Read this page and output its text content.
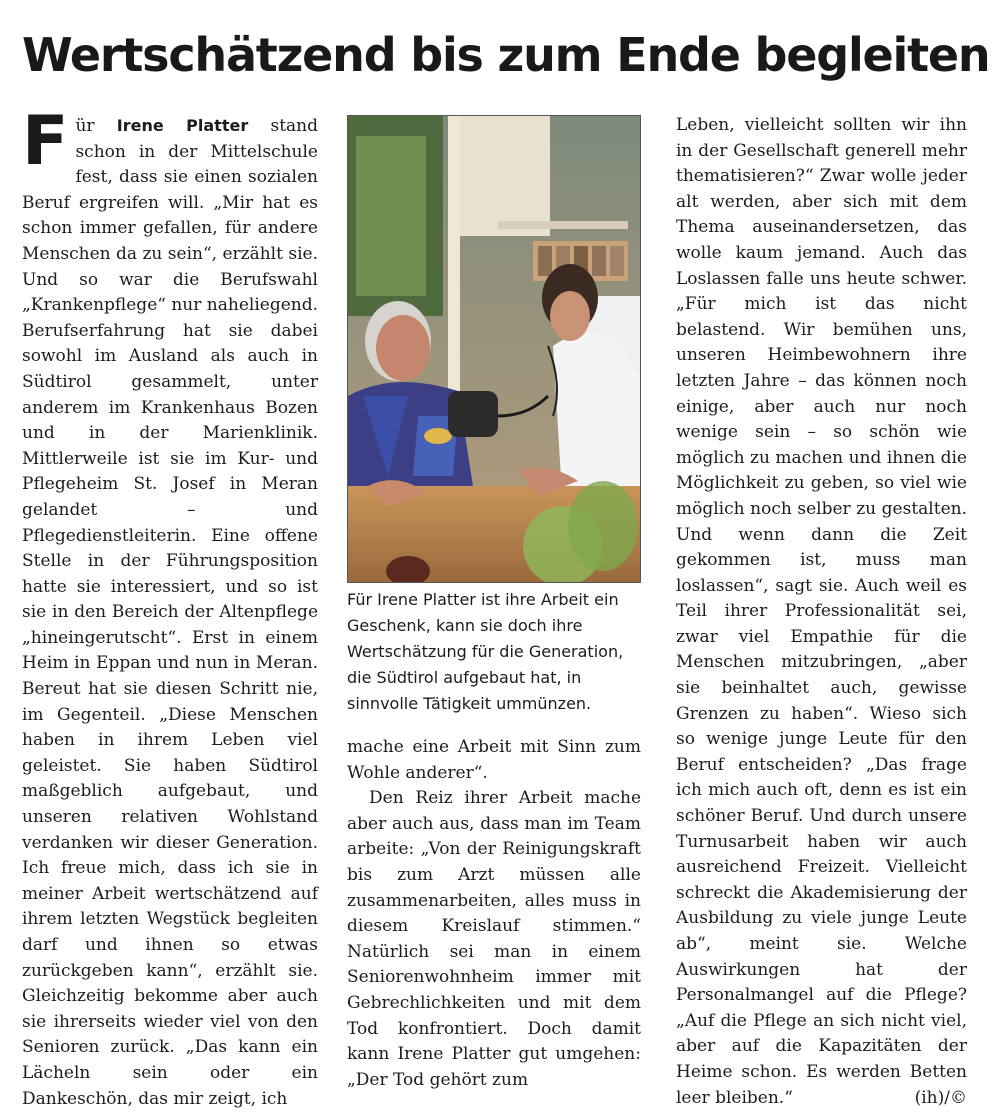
Wertschätzend bis zum Ende begleiten

Für Irene Platter stand schon in der Mittelschule fest, dass sie einen sozialen Beruf ergreifen will. „Mir hat es schon immer gefallen, für andere Menschen da zu sein“, erzählt sie. Und so war die Berufswahl „Krankenpflege“ nur naheliegend. Berufserfahrung hat sie dabei sowohl im Ausland als auch in Südtirol gesammelt, unter anderem im Krankenhaus Bozen und in der Marienklinik. Mittlerweile ist sie im Kur- und Pflegeheim St. Josef in Meran gelandet – und Pflegedienstleiterin. Eine offene Stelle in der Führungsposition hatte sie interessiert, und so ist sie in den Bereich der Altenpflege „hineingerutscht“. Erst in einem Heim in Eppan und nun in Meran. Bereut hat sie diesen Schritt nie, im Gegenteil. „Diese Menschen haben in ihrem Leben viel geleistet. Sie haben Südtirol maßgeblich aufgebaut, und unseren relativen Wohlstand verdanken wir dieser Generation. Ich freue mich, dass ich sie in meiner Arbeit wertschätzend auf ihrem letzten Wegstück begleiten darf und ihnen so etwas zurückgeben kann“, erzählt sie. Gleichzeitig bekomme aber auch sie ihrerseits wieder viel von den Senioren zurück. „Das kann ein Lächeln sein oder ein Dankeschön, das mir zeigt, ich

Für Irene Platter ist ihre Arbeit ein Geschenk, kann sie doch ihre Wertschätzung für die Generation, die Südtirol aufgebaut hat, in sinnvolle Tätigkeit ummünzen.

mache eine Arbeit mit Sinn zum Wohle anderer“.

Den Reiz ihrer Arbeit mache aber auch aus, dass man im Team arbeite: „Von der Reinigungskraft bis zum Arzt müssen alle zusammenarbeiten, alles muss in diesem Kreislauf stimmen.“ Natürlich sei man in einem Seniorenwohnheim immer mit Gebrechlichkeiten und mit dem Tod konfrontiert. Doch damit kann Irene Platter gut umgehen: „Der Tod gehört zum

Leben, vielleicht sollten wir ihn in der Gesellschaft generell mehr thematisieren?“ Zwar wolle jeder alt werden, aber sich mit dem Thema auseinandersetzen, das wolle kaum jemand. Auch das Loslassen falle uns heute schwer. „Für mich ist das nicht belastend. Wir bemühen uns, unseren Heimbewohnern ihre letzten Jahre – das können noch einige, aber auch nur noch wenige sein – so schön wie möglich zu machen und ihnen die Möglichkeit zu geben, so viel wie möglich noch selber zu gestalten. Und wenn dann die Zeit gekommen ist, muss man loslassen“, sagt sie. Auch weil es Teil ihrer Professionalität sei, zwar viel Empathie für die Menschen mitzubringen, „aber sie beinhaltet auch, gewisse Grenzen zu haben“. Wieso sich so wenige junge Leute für den Beruf entscheiden? „Das frage ich mich auch oft, denn es ist ein schöner Beruf. Und durch unsere Turnusarbeit haben wir auch ausreichend Freizeit. Vielleicht schreckt die Akademisierung der Ausbildung zu viele junge Leute ab“, meint sie. Welche Auswirkungen hat der Personalmangel auf die Pflege? „Auf die Pflege an sich nicht viel, aber auf die Kapazitäten der Heime schon. Es werden Betten leer bleiben.“	(ih)/©
